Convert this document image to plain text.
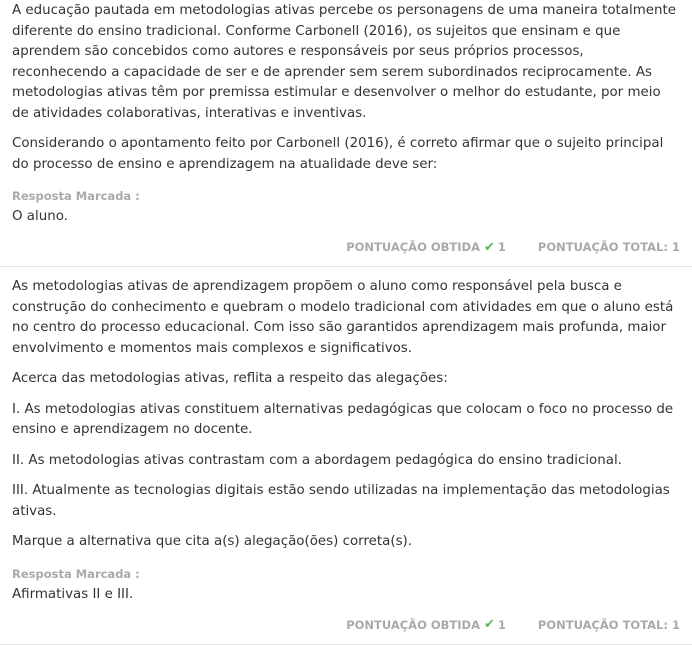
A educação pautada em metodologias ativas percebe os personagens de uma maneira totalmente diferente do ensino tradicional. Conforme Carbonell (2016), os sujeitos que ensinam e que aprendem são concebidos como autores e responsáveis por seus próprios processos, reconhecendo a capacidade de ser e de aprender sem serem subordinados reciprocamente. As metodologias ativas têm por premissa estimular e desenvolver o melhor do estudante, por meio de atividades colaborativas, interativas e inventivas.

Considerando o apontamento feito por Carbonell (2016), é correto afirmar que o sujeito principal do processo de ensino e aprendizagem na atualidade deve ser:

Resposta Marcada :
O aluno.
PONTUAÇÃO OBTIDA ✔ 1	PONTUAÇÃO TOTAL: 1

As metodologias ativas de aprendizagem propõem o aluno como responsável pela busca e construção do conhecimento e quebram o modelo tradicional com atividades em que o aluno está no centro do processo educacional. Com isso são garantidos aprendizagem mais profunda, maior envolvimento e momentos mais complexos e significativos.

Acerca das metodologias ativas, reflita a respeito das alegações:

I. As metodologias ativas constituem alternativas pedagógicas que colocam o foco no processo de ensino e aprendizagem no docente.

II. As metodologias ativas contrastam com a abordagem pedagógica do ensino tradicional.

III. Atualmente as tecnologias digitais estão sendo utilizadas na implementação das metodologias ativas.

Marque a alternativa que cita a(s) alegação(ões) correta(s).

Resposta Marcada :
Afirmativas II e III.
PONTUAÇÃO OBTIDA ✔ 1	PONTUAÇÃO TOTAL: 1
